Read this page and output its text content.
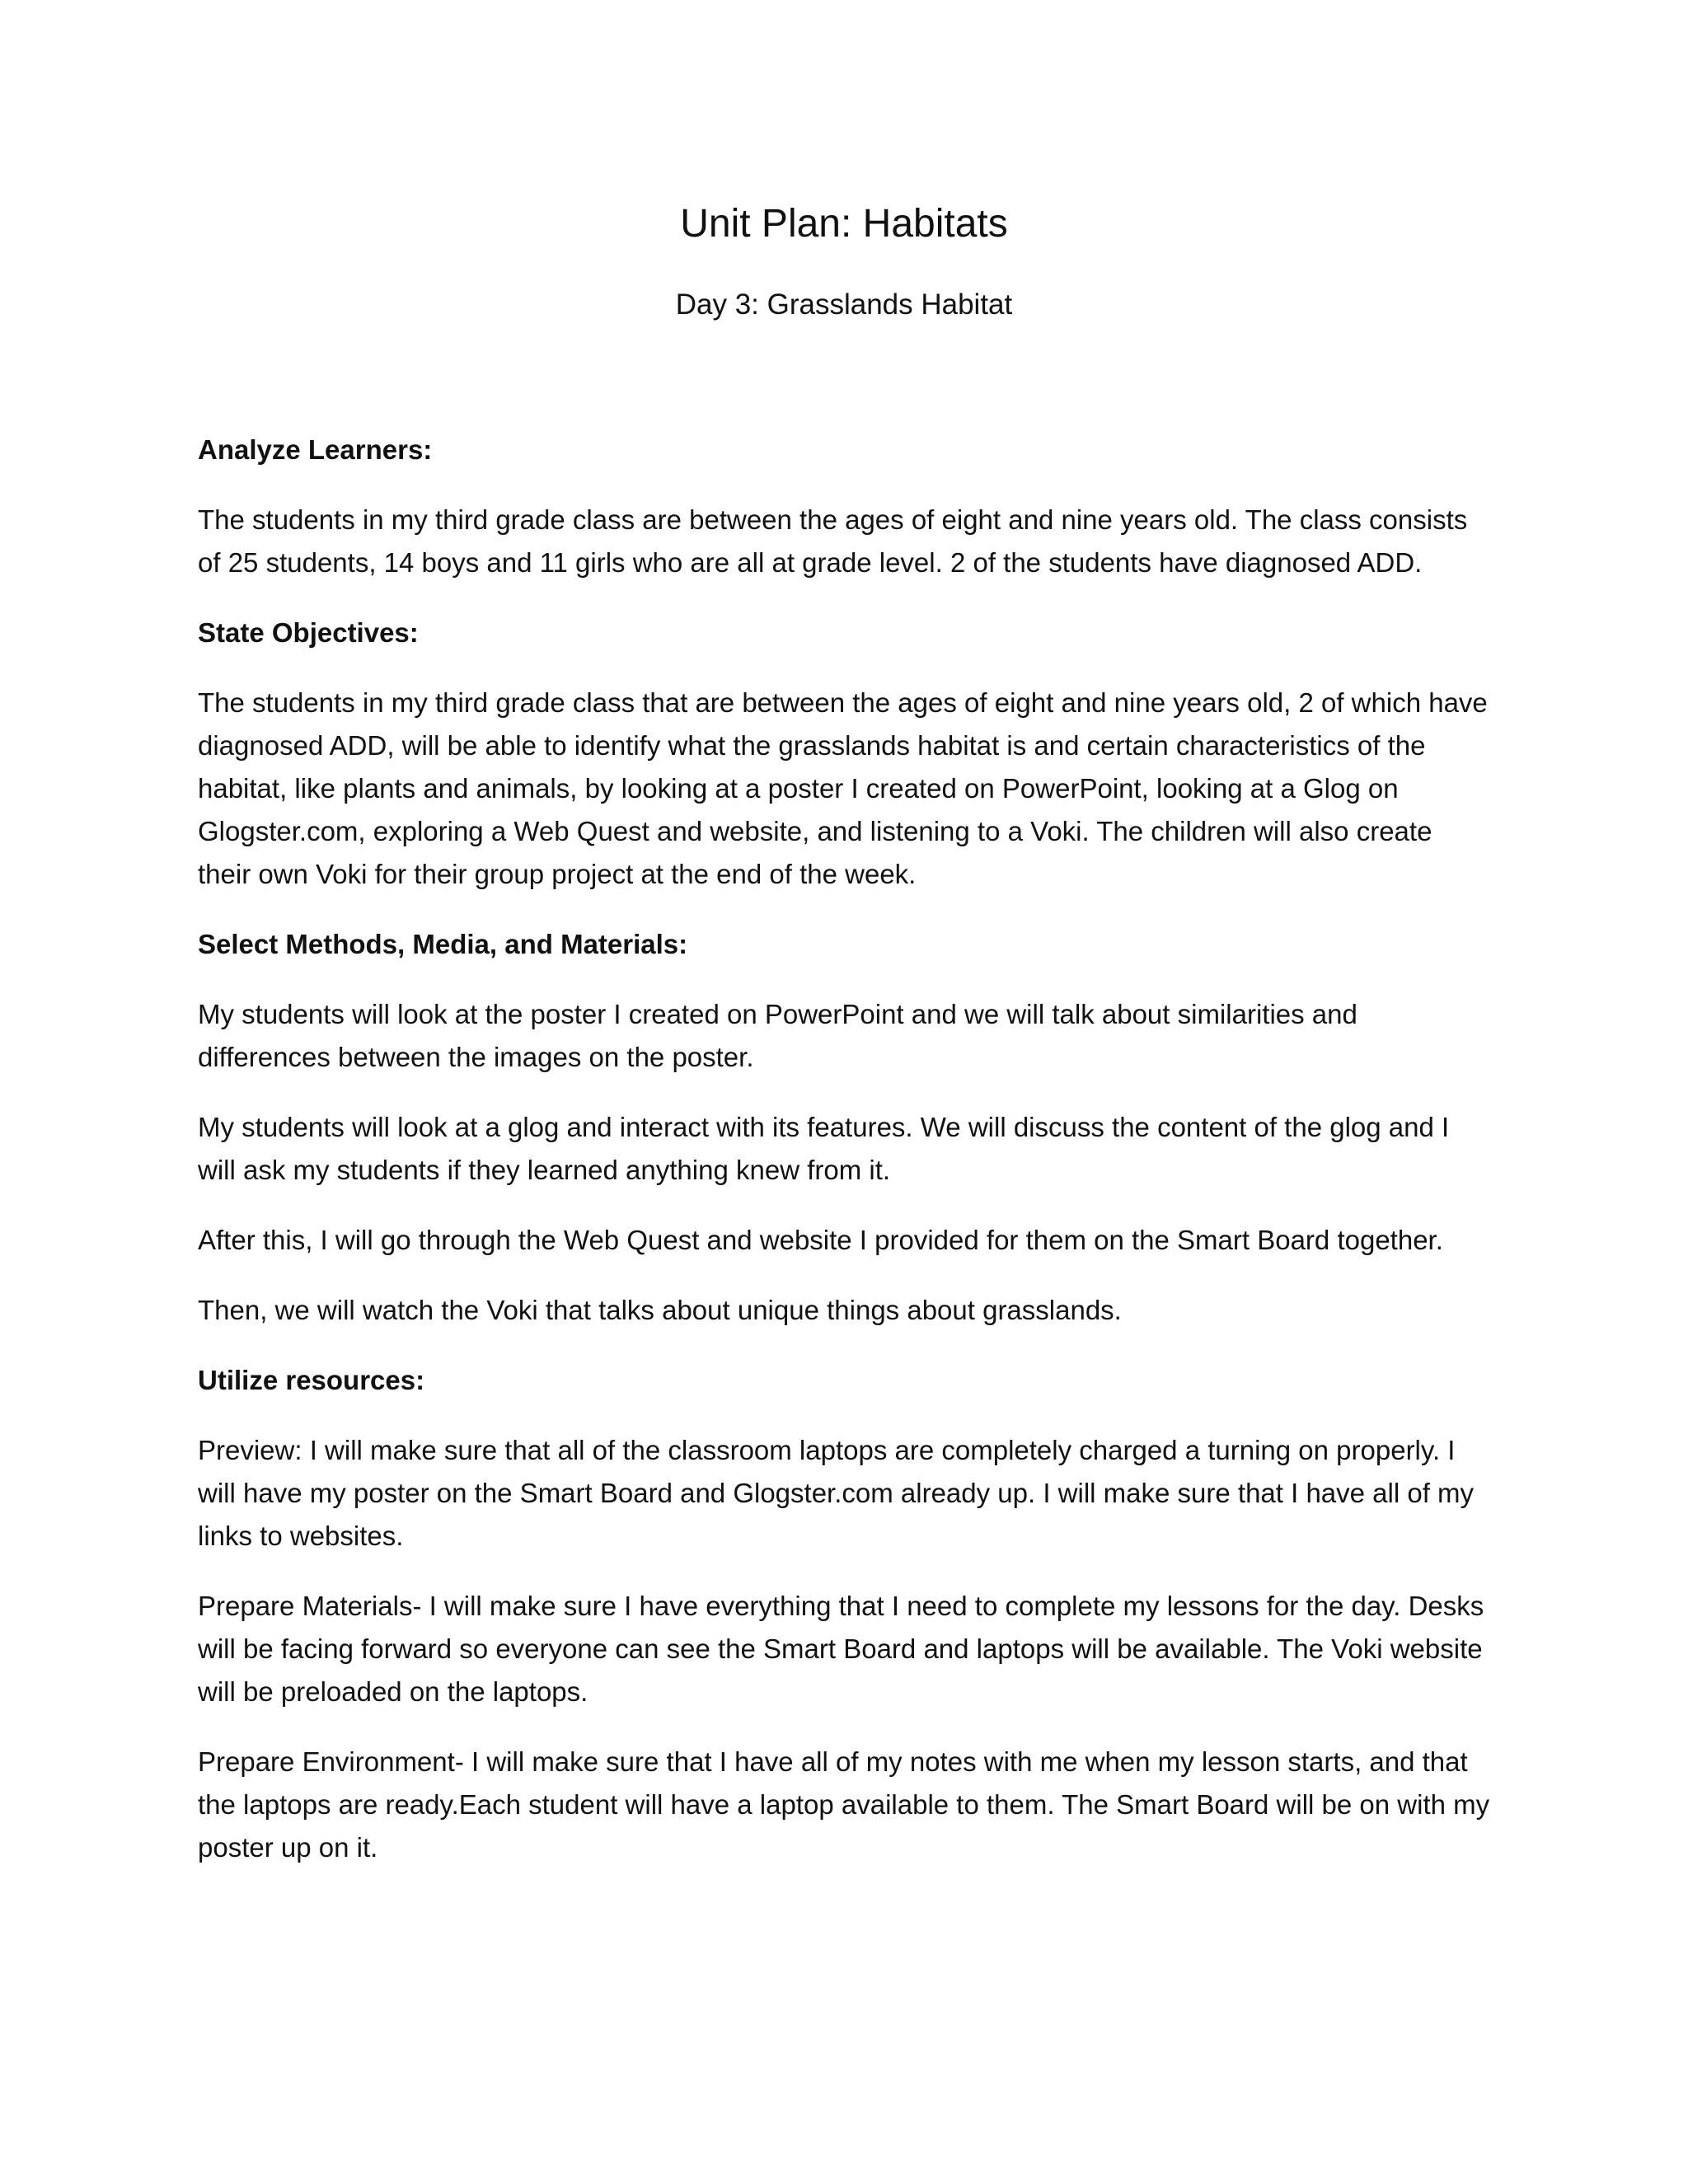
Unit Plan: Habitats
Day 3: Grasslands Habitat

Analyze Learners:

The students in my third grade class are between the ages of eight and nine years old. The class consists of 25 students, 14 boys and 11 girls who are all at grade level. 2 of the students have diagnosed ADD.

State Objectives:

The students in my third grade class that are between the ages of eight and nine years old, 2 of which have diagnosed ADD, will be able to identify what the grasslands habitat is and certain characteristics of the habitat, like plants and animals, by looking at a poster I created on PowerPoint, looking at a Glog on Glogster.com, exploring a Web Quest and website, and listening to a Voki. The children will also create their own Voki for their group project at the end of the week.

Select Methods, Media, and Materials:

My students will look at the poster I created on PowerPoint and we will talk about similarities and differences between the images on the poster.

My students will look at a glog and interact with its features. We will discuss the content of the glog and I will ask my students if they learned anything knew from it.

After this, I will go through the Web Quest and website I provided for them on the Smart Board together.

Then, we will watch the Voki that talks about unique things about grasslands.

Utilize resources:

Preview: I will make sure that all of the classroom laptops are completely charged a turning on properly. I will have my poster on the Smart Board and Glogster.com already up. I will make sure that I have all of my links to websites.

Prepare Materials- I will make sure I have everything that I need to complete my lessons for the day. Desks will be facing forward so everyone can see the Smart Board and laptops will be available. The Voki website will be preloaded on the laptops.

Prepare Environment- I will make sure that I have all of my notes with me when my lesson starts, and that the laptops are ready.Each student will have a laptop available to them. The Smart Board will be on with my poster up on it.
